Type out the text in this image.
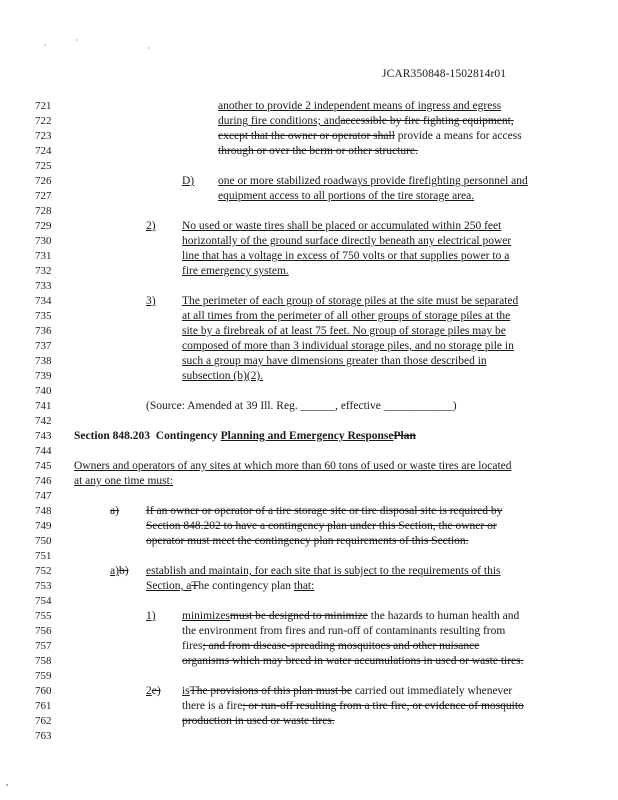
JCAR350848-1502814r01
721
722
723
724
725
726
727
728
729
730
731
732
733
734
735
736
737
738
739
740
741
742
743
744
745
746
747
748
749
750
751
752
753
754
755
756
757
758
759
760
761
762
763
another to provide 2 independent means of ingress and egress
during fire conditions; andaccessible by fire fighting equipment,
except that the owner or operator shall provide a means for access
through or over the berm or other structure.
D) one or more stabilized roadways provide firefighting personnel and
equipment access to all portions of the tire storage area.
2) No used or waste tires shall be placed or accumulated within 250 feet
horizontally of the ground surface directly beneath any electrical power
line that has a voltage in excess of 750 volts or that supplies power to a
fire emergency system.
3) The perimeter of each group of storage piles at the site must be separated
at all times from the perimeter of all other groups of storage piles at the
site by a firebreak of at least 75 feet. No group of storage piles may be
composed of more than 3 individual storage piles, and no storage pile in
such a group may have dimensions greater than those described in
subsection (b)(2).
(Source: Amended at 39 Ill. Reg. ______, effective ____________)
Section 848.203 Contingency Planning and Emergency ResponsePlan
Owners and operators of any sites at which more than 60 tons of used or waste tires are located
at any one time must:
a) If an owner or operator of a tire storage site or tire disposal site is required by
Section 848.202 to have a contingency plan under this Section, the owner or
operator must meet the contingency plan requirements of this Section.
a)b) establish and maintain, for each site that is subject to the requirements of this
Section, aThe contingency plan that:
1) minimizesmust be designed to minimize the hazards to human health and
the environment from fires and run-off of contaminants resulting from
fires; and from disease-spreading mosquitoes and other nuisance
organisms which may breed in water accumulations in used or waste tires.
2e) isThe provisions of this plan must be carried out immediately whenever
there is a fire; or run-off resulting from a tire fire, or evidence of mosquito
production in used or waste tires.
